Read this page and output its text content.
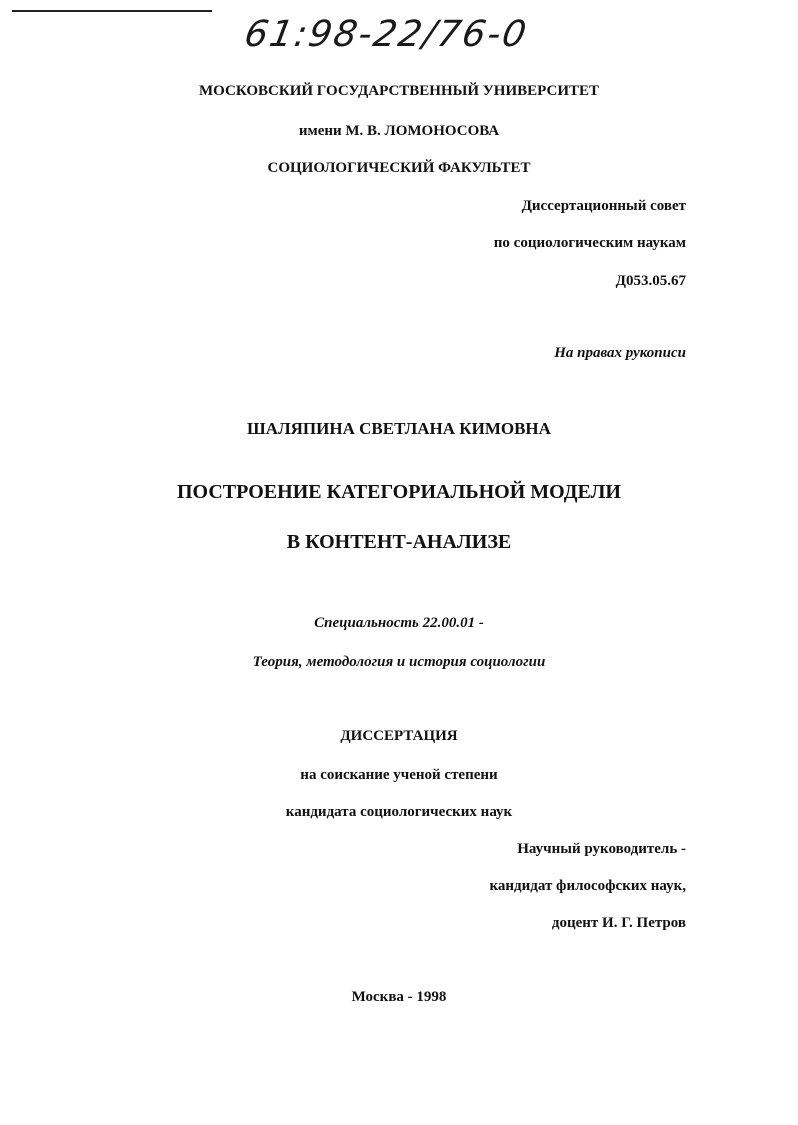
61:98-22/76-0
МОСКОВСКИЙ ГОСУДАРСТВЕННЫЙ УНИВЕРСИТЕТ
имени М. В. ЛОМОНОСОВА
СОЦИОЛОГИЧЕСКИЙ ФАКУЛЬТЕТ
Диссертационный совет
по социологическим наукам
Д053.05.67
На правах рукописи
ШАЛЯПИНА СВЕТЛАНА КИМОВНА
ПОСТРОЕНИЕ КАТЕГОРИАЛЬНОЙ МОДЕЛИ
В КОНТЕНТ-АНАЛИЗЕ
Специальность 22.00.01 -
Теория, методология и история социологии
ДИССЕРТАЦИЯ
на соискание ученой степени
кандидата социологических наук
Научный руководитель -
кандидат философских наук,
доцент И. Г. Петров
Москва - 1998
